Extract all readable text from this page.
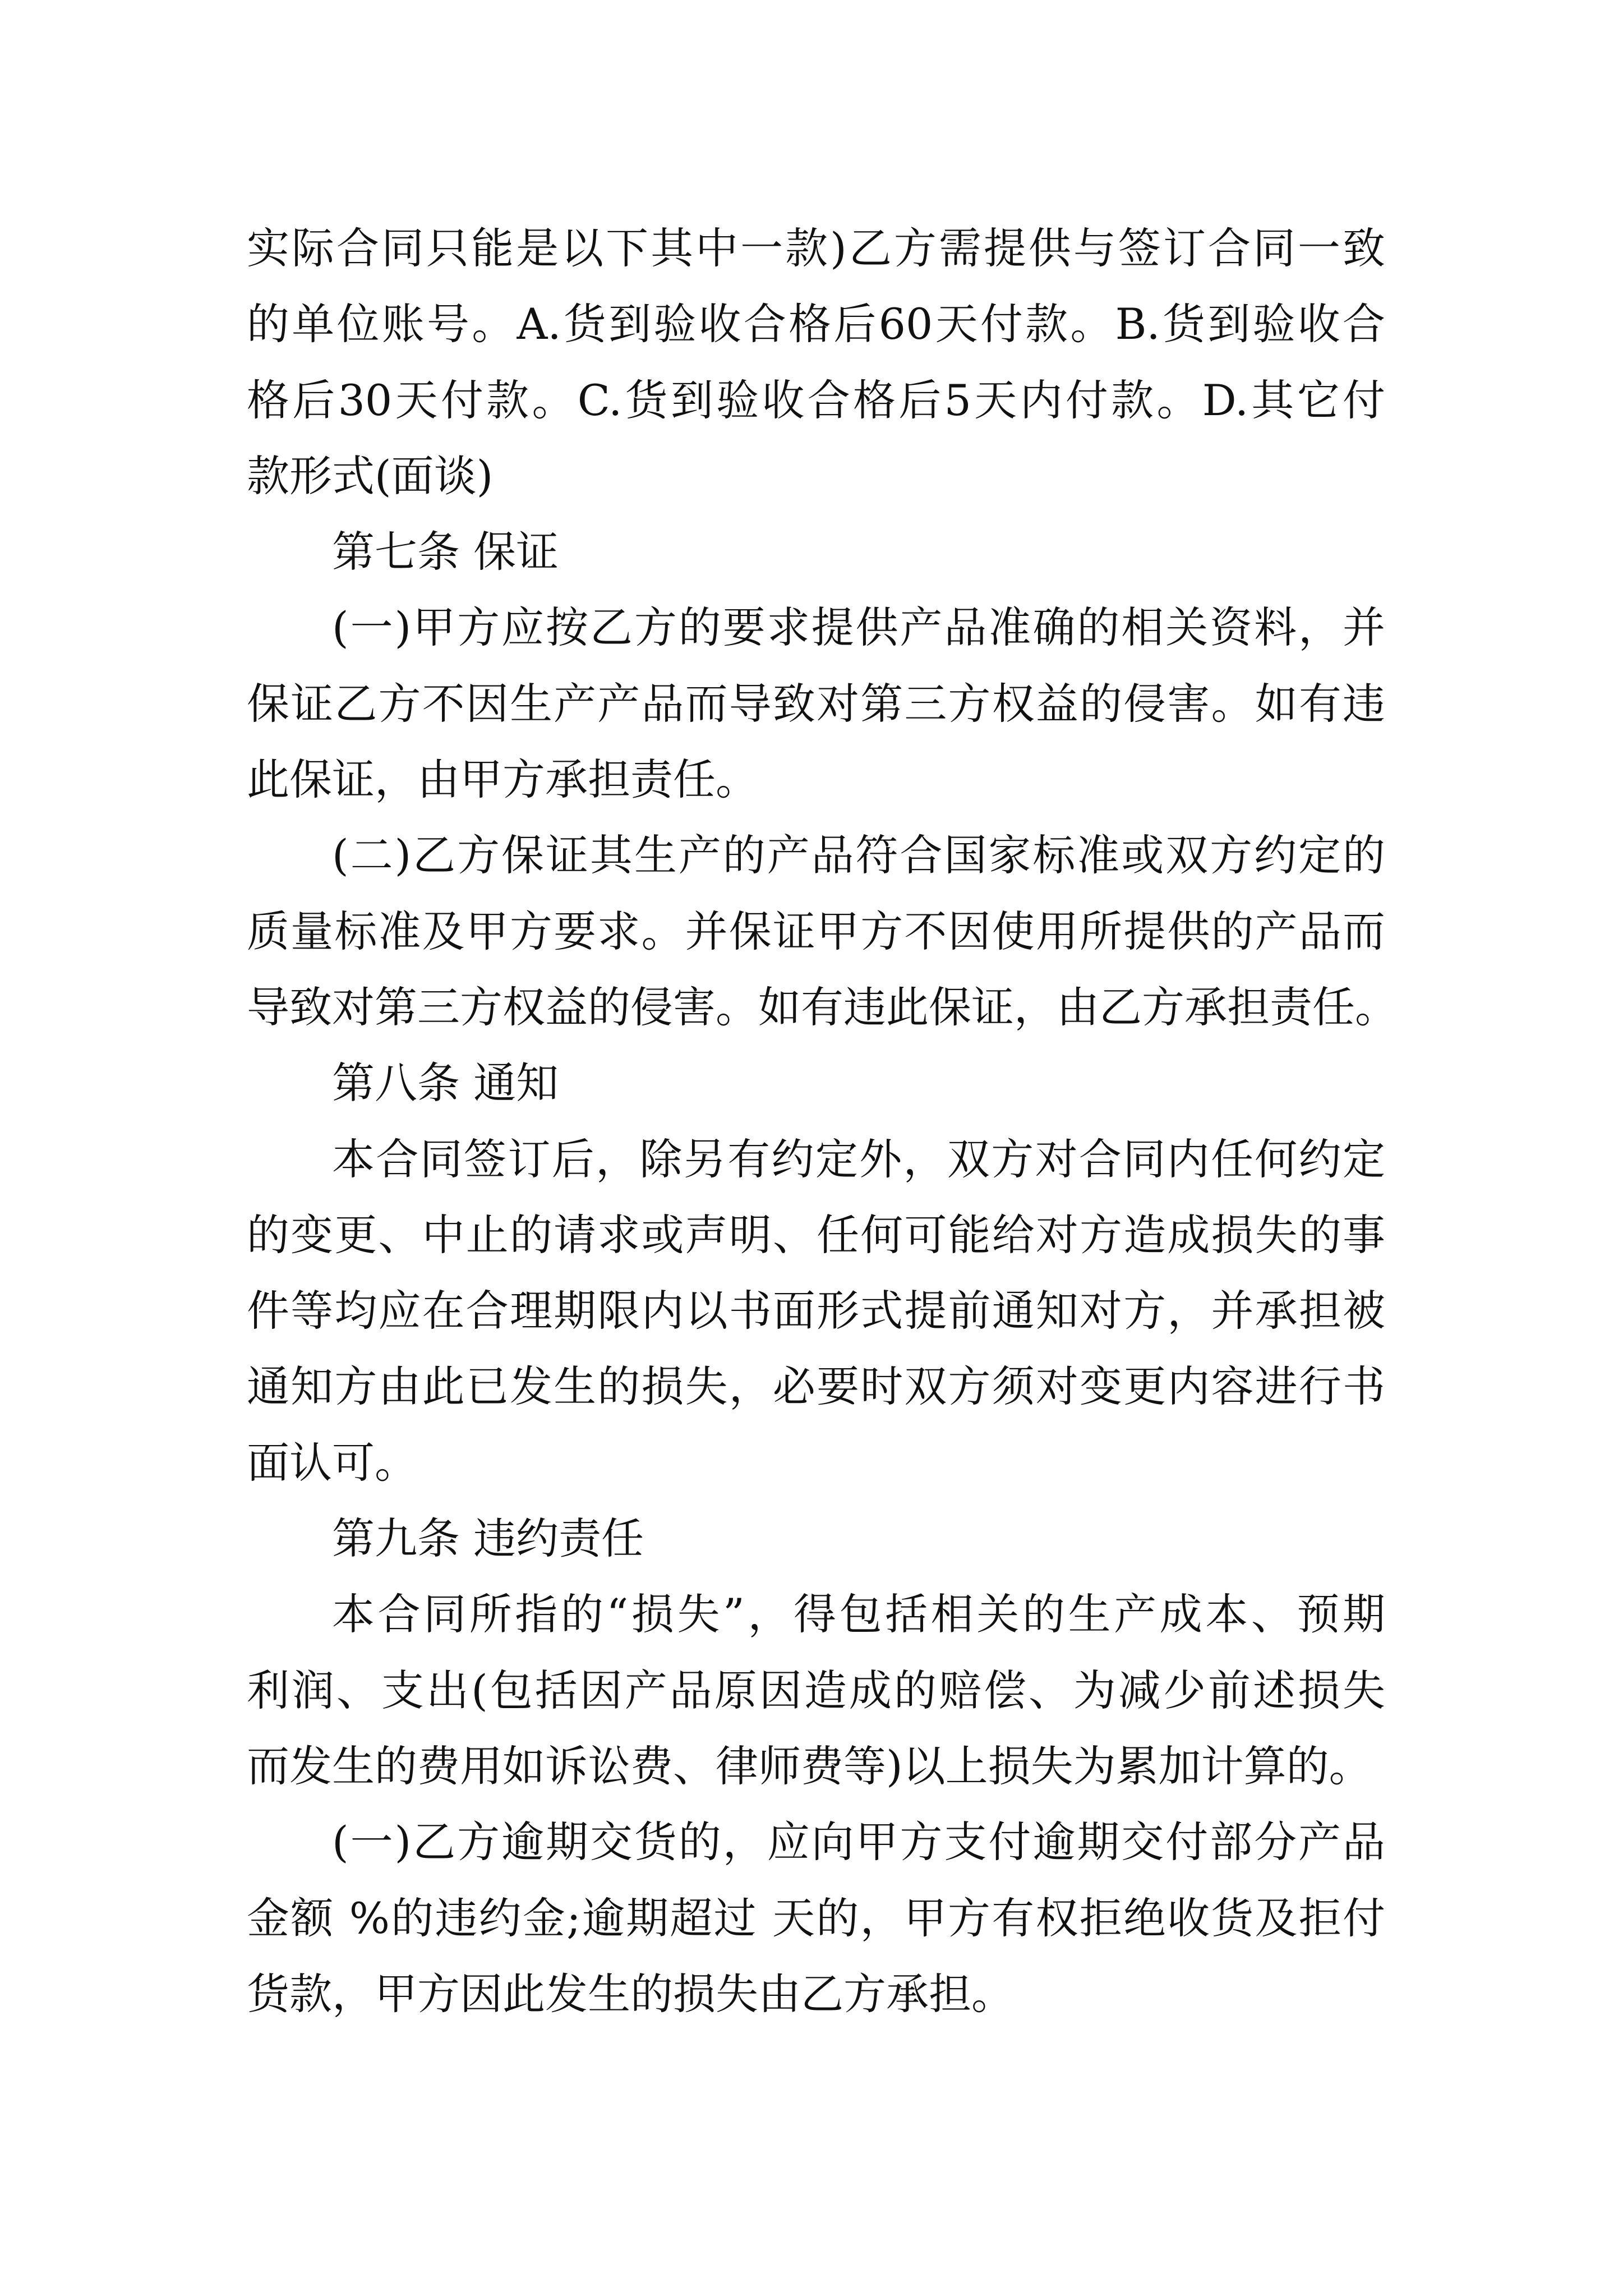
实际合同只能是以下其中一款)乙方需提供与签订合同一致
的单位账号。A.货到验收合格后60天付款。B.货到验收合
格后30天付款。C.货到验收合格后5天内付款。D.其它付
款形式(面谈)
第七条 保证
(一)甲方应按乙方的要求提供产品准确的相关资料，并
保证乙方不因生产产品而导致对第三方权益的侵害。如有违
此保证，由甲方承担责任。
(二)乙方保证其生产的产品符合国家标准或双方约定的
质量标准及甲方要求。并保证甲方不因使用所提供的产品而
导致对第三方权益的侵害。如有违此保证，由乙方承担责任。
第八条 通知
本合同签订后，除另有约定外，双方对合同内任何约定
的变更、中止的请求或声明、任何可能给对方造成损失的事
件等均应在合理期限内以书面形式提前通知对方，并承担被
通知方由此已发生的损失，必要时双方须对变更内容进行书
面认可。
第九条 违约责任
本合同所指的“损失”，得包括相关的生产成本、预期
利润、支出(包括因产品原因造成的赔偿、为减少前述损失
而发生的费用如诉讼费、律师费等)以上损失为累加计算的。
(一)乙方逾期交货的，应向甲方支付逾期交付部分产品
金额 %的违约金;逾期超过 天的，甲方有权拒绝收货及拒付
货款，甲方因此发生的损失由乙方承担。
